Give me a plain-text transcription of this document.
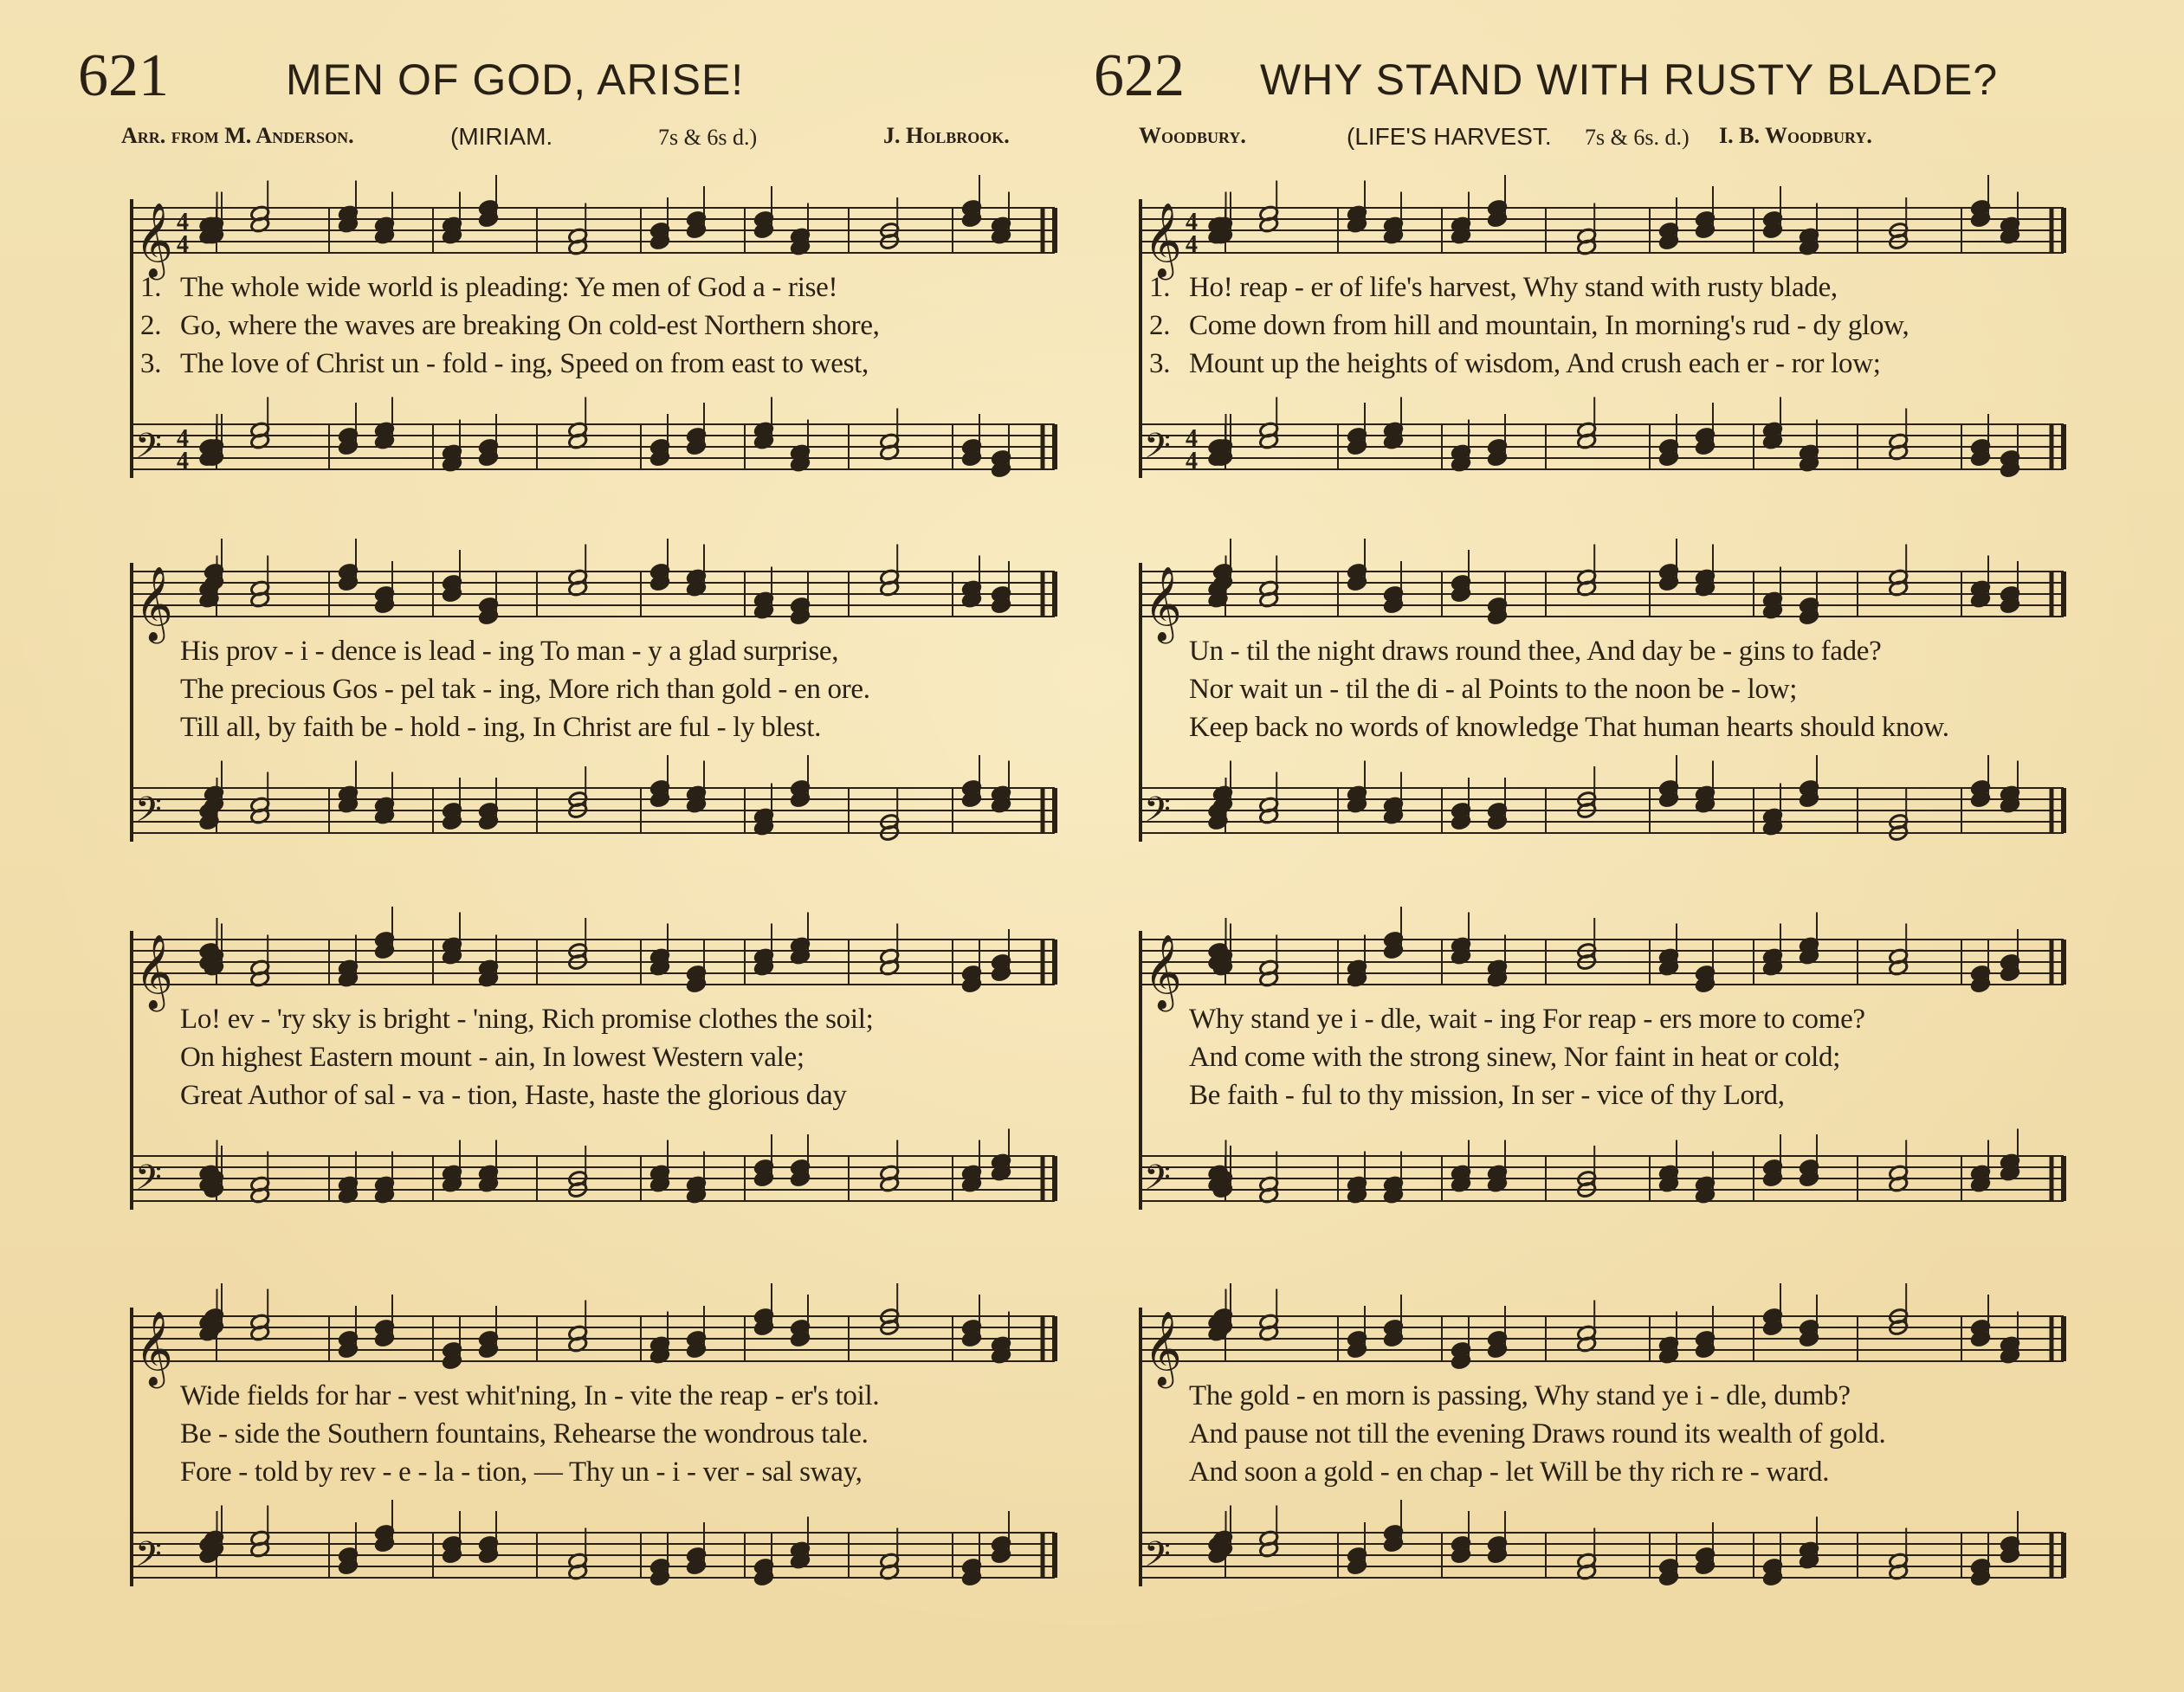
621	MEN OF GOD, ARISE!
Arr. from M. Anderson.	(MIRIAM.	7s & 6s d.)	J. Holbrook.
𝄞 4
4
𝄢 4
4
1. The whole wide world is pleading: Ye men of God a - rise!
2. Go, where the waves are breaking On cold-est Northern shore,
3. The love of Christ un - fold - ing, Speed on from east to west,
𝄞
𝄢
His prov - i - dence is lead - ing To man - y a glad surprise,
The precious Gos - pel tak - ing, More rich than gold - en ore.
Till all, by faith be - hold - ing, In Christ are ful - ly blest.
𝄞
𝄢
Lo! ev - 'ry sky is bright - 'ning, Rich promise clothes the soil;
On highest Eastern mount - ain, In lowest Western vale;
Great Author of sal - va - tion, Haste, haste the glorious day
𝄞
𝄢
Wide fields for har - vest whit'ning, In - vite the reap - er's toil.
Be - side the Southern fountains, Rehearse the wondrous tale.
Fore - told by rev - e - la - tion, — Thy un - i - ver - sal sway,
622 WHY STAND WITH RUSTY BLADE?
Woodbury.	(LIFE'S HARVEST. 7s & 6s. d.) I. B. Woodbury.
𝄞 4
4
𝄢 4
4
1. Ho! reap - er of life's harvest, Why stand with rusty blade,
2. Come down from hill and mountain, In morning's rud - dy glow,
3. Mount up the heights of wisdom, And crush each er - ror low;
𝄞
𝄢
Un - til the night draws round thee, And day be - gins to fade?
Nor wait un - til the di - al Points to the noon be - low;
Keep back no words of knowledge That human hearts should know.
𝄞
𝄢
Why stand ye i - dle, wait - ing For reap - ers more to come?
And come with the strong sinew, Nor faint in heat or cold;
Be faith - ful to thy mission, In ser - vice of thy Lord,
𝄞
𝄢
The gold - en morn is passing, Why stand ye i - dle, dumb?
And pause not till the evening Draws round its wealth of gold.
And soon a gold - en chap - let Will be thy rich re - ward.
